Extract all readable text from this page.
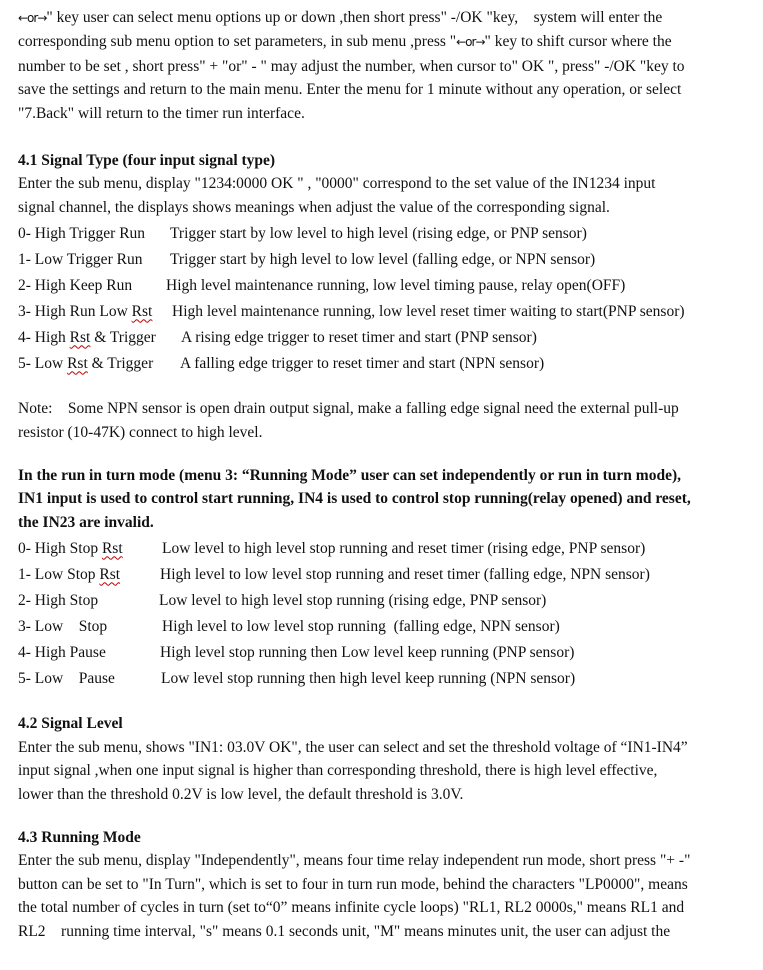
←or→" key user can select menu options up or down ,then short press" -/OK "key,    system will enter the

corresponding sub menu option to set parameters, in sub menu ,press "←or→" key to shift cursor where the

number to be set , short press" + "or" - " may adjust the number, when cursor to" OK ", press" -/OK "key to

save the settings and return to the main menu. Enter the menu for 1 minute without any operation, or select

"7.Back" will return to the timer run interface.

4.1 Signal Type (four input signal type)

Enter the sub menu, display "1234:0000 OK " , "0000" correspond to the set value of the IN1234 input

signal channel, the displays shows meanings when adjust the value of the corresponding signal.

0- High Trigger Run	Trigger start by low level to high level (rising edge, or PNP sensor)
1- Low Trigger Run	Trigger start by high level to low level (falling edge, or NPN sensor)
2- High Keep Run	High level maintenance running, low level timing pause, relay open(OFF)
3- High Run Low Rst	High level maintenance running, low level reset timer waiting to start(PNP sensor)
4- High Rst & Trigger	A rising edge trigger to reset timer and start (PNP sensor)
5- Low Rst & Trigger	A falling edge trigger to reset timer and start (NPN sensor)

Note:    Some NPN sensor is open drain output signal, make a falling edge signal need the external pull-up

resistor (10-47K) connect to high level.

In the run in turn mode (menu 3: “Running Mode” user can set independently or run in turn mode),

IN1 input is used to control start running, IN4 is used to control stop running(relay opened) and reset,

the IN23 are invalid.

0- High Stop Rst	Low level to high level stop running and reset timer (rising edge, PNP sensor)
1- Low Stop Rst	High level to low level stop running and reset timer (falling edge, NPN sensor)
2- High Stop	Low level to high level stop running (rising edge, PNP sensor)
3- Low    Stop	High level to low level stop running  (falling edge, NPN sensor)
4- High Pause	High level stop running then Low level keep running (PNP sensor)
5- Low    Pause	Low level stop running then high level keep running (NPN sensor)

4.2 Signal Level

Enter the sub menu, shows "IN1: 03.0V OK", the user can select and set the threshold voltage of “IN1-IN4”

input signal ,when one input signal is higher than corresponding threshold, there is high level effective,

lower than the threshold 0.2V is low level, the default threshold is 3.0V.

4.3 Running Mode

Enter the sub menu, display "Independently", means four time relay independent run mode, short press "+ -"

button can be set to "In Turn", which is set to four in turn run mode, behind the characters "LP0000", means

the total number of cycles in turn (set to“0” means infinite cycle loops) "RL1, RL2 0000s," means RL1 and

RL2    running time interval, "s" means 0.1 seconds unit, "M" means minutes unit, the user can adjust the
